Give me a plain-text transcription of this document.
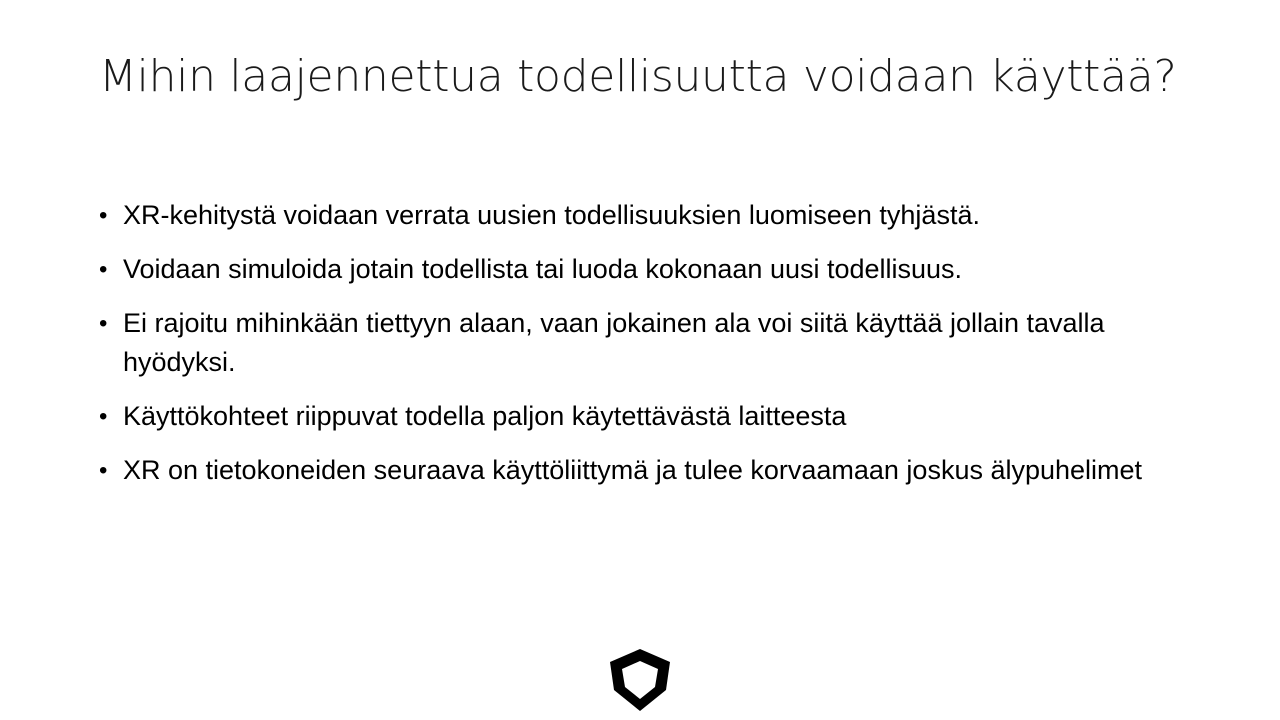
Mihin laajennettua todellisuutta voidaan käyttää?
• XR-kehitystä voidaan verrata uusien todellisuuksien luomiseen tyhjästä.
• Voidaan simuloida jotain todellista tai luoda kokonaan uusi todellisuus.
• Ei rajoitu mihinkään tiettyyn alaan, vaan jokainen ala voi siitä käyttää jollain tavalla hyödyksi.
• Käyttökohteet riippuvat todella paljon käytettävästä laitteesta
• XR on tietokoneiden seuraava käyttöliittymä ja tulee korvaamaan joskus älypuhelimet
